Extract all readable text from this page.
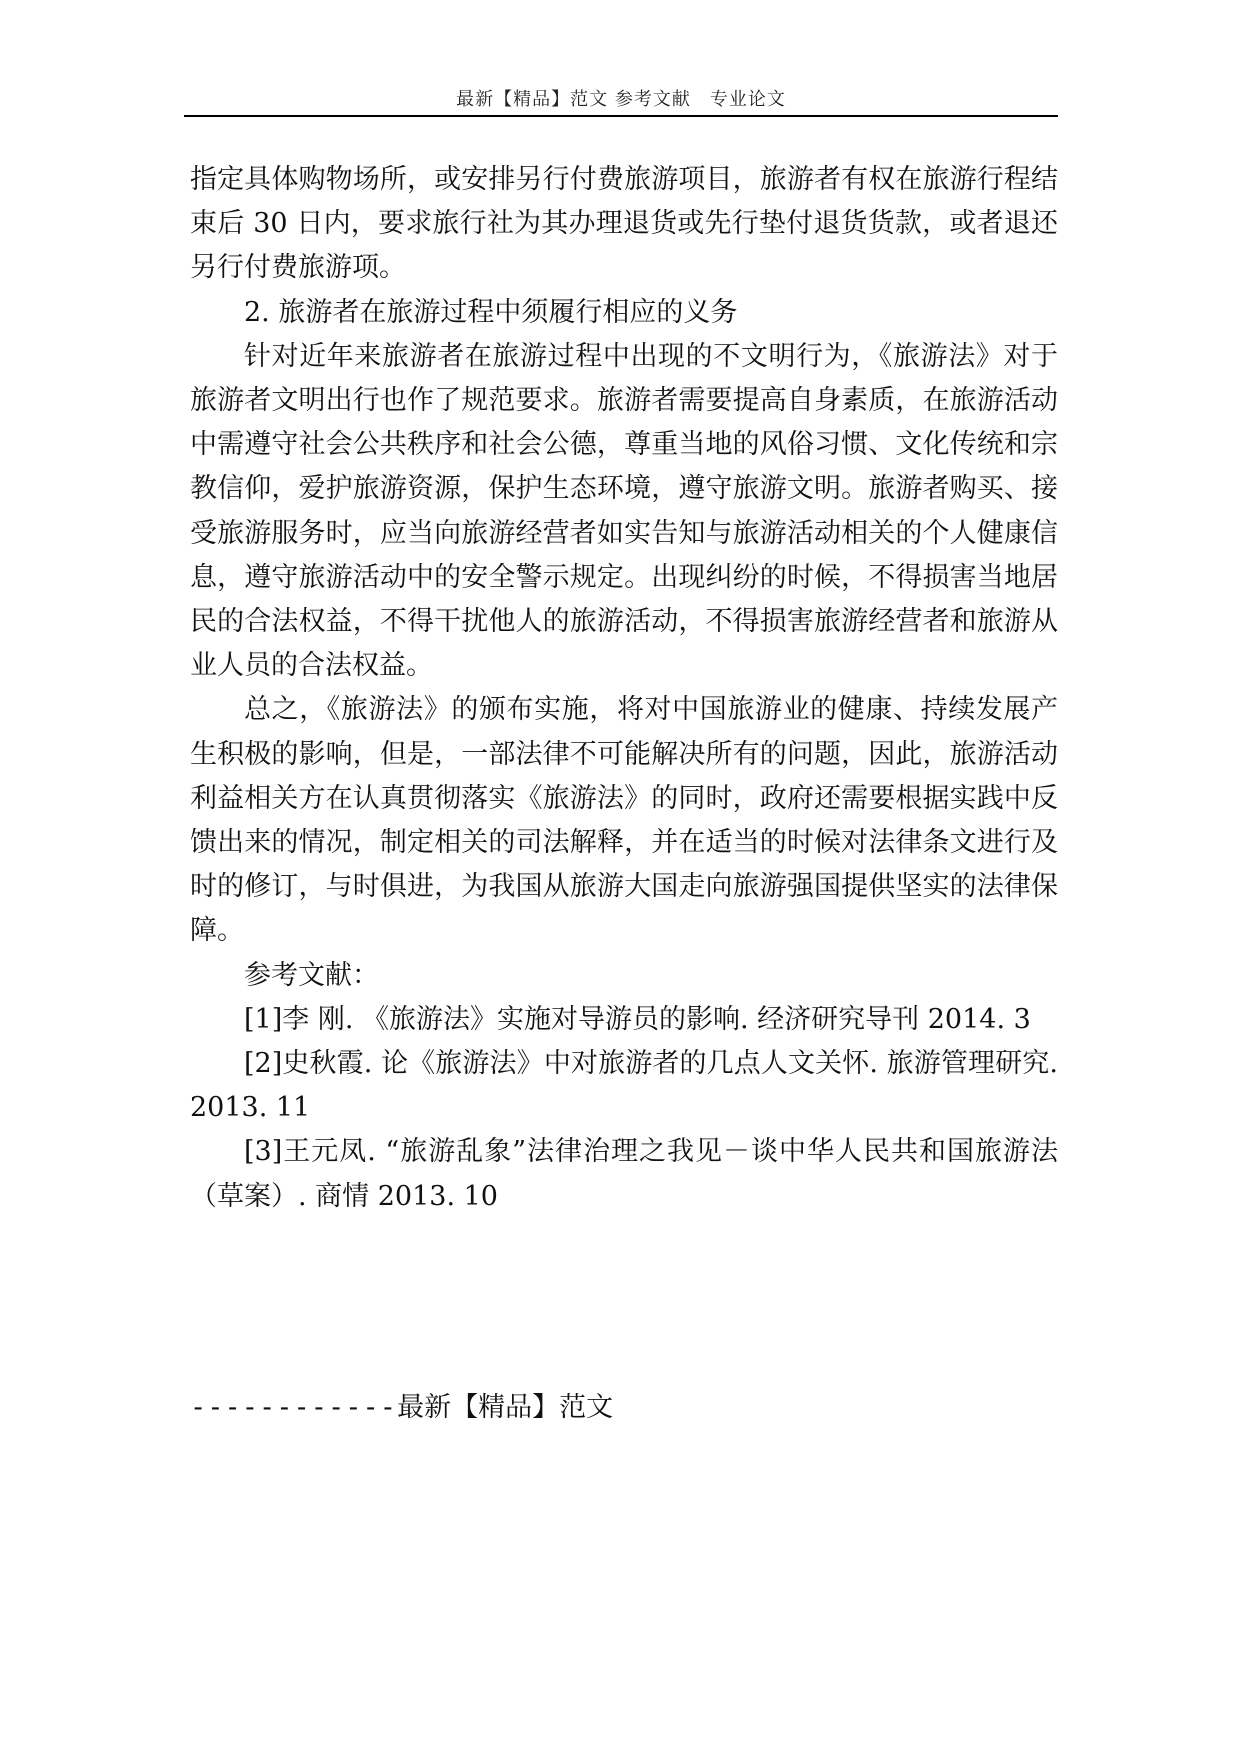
最新【精品】范文 参考文献　专业论文

指定具体购物场所，或安排另行付费旅游项目，旅游者有权在旅游行程结束后 30 日内，要求旅行社为其办理退货或先行垫付退货货款，或者退还另行付费旅游项。

2. 旅游者在旅游过程中须履行相应的义务

针对近年来旅游者在旅游过程中出现的不文明行为，《旅游法》对于旅游者文明出行也作了规范要求。旅游者需要提高自身素质，在旅游活动中需遵守社会公共秩序和社会公德，尊重当地的风俗习惯、文化传统和宗教信仰，爱护旅游资源，保护生态环境，遵守旅游文明。旅游者购买、接受旅游服务时，应当向旅游经营者如实告知与旅游活动相关的个人健康信息，遵守旅游活动中的安全警示规定。出现纠纷的时候，不得损害当地居民的合法权益，不得干扰他人的旅游活动，不得损害旅游经营者和旅游从业人员的合法权益。

总之，《旅游法》的颁布实施，将对中国旅游业的健康、持续发展产生积极的影响，但是，一部法律不可能解决所有的问题，因此，旅游活动利益相关方在认真贯彻落实《旅游法》的同时，政府还需要根据实践中反馈出来的情况，制定相关的司法解释，并在适当的时候对法律条文进行及时的修订，与时俱进，为我国从旅游大国走向旅游强国提供坚实的法律保障。

参考文献：

[1]李 刚. 《旅游法》实施对导游员的影响. 经济研究导刊 2014. 3

[2]史秋霞. 论《旅游法》中对旅游者的几点人文关怀. 旅游管理研究. 2013. 11

[3]王元凤. “旅游乱象”法律治理之我见－谈中华人民共和国旅游法（草案）. 商情 2013. 10

------------最新【精品】范文
